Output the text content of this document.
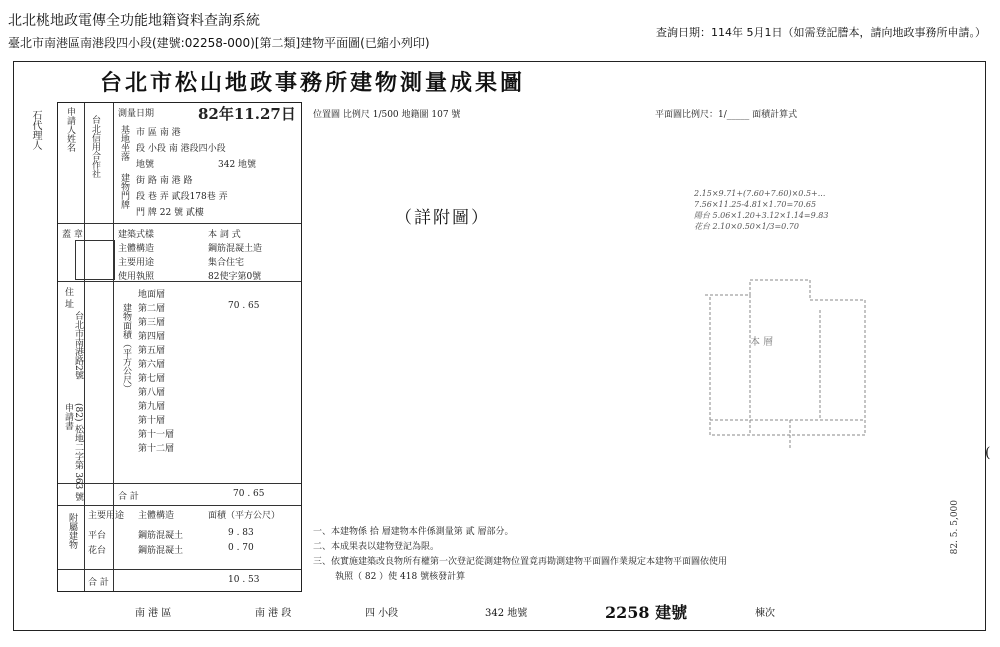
北北桃地政電傳全功能地籍資料查詢系統
臺北市南港區南港段四小段(建號:02258-000)[第二類]建物平面圖(已縮小列印)
查詢日期：114年 5月1日（如需登記謄本，請向地政事務所申請。）
台北市松山地政事務所建物測量成果圖
石代理人	申請人姓名 台北信用合作社
測量日期	82年11.27日
基地坐落 市 區 南 港
段 小段 南 港段四小段
地號	342 地號
建物門牌 街 路 南 港 路
段 巷 弄 貳段178巷 弄
門 牌 22 號 貳樓
蓋 章	建築式樣	本 詞 式
主體構造	鋼筋混凝土造
主要用途	集合住宅
使用執照	82使字第0號
住 址
台北市南港路2號
申請書 (82) 松地二字第 363 號
建物面積（平方公尺）
地面層
第二層	70 . 65
第三層
第四層
第五層
第六層
第七層
第八層
第九層
第十層
第十一層
第十二層
合 計	70 . 65
附屬建物 主要用途 主體構造	面積（平方公尺）
平台	鋼筋混凝土	9 . 83
花台	鋼筋混凝土	0 . 70
合 計	10 . 53
位置圖 比例尺 1/500 地籍圖 107 號	平面圖比例尺：1/_____ 面積計算式
（詳附圖）
2.15×9.71+(7.60+7.60)×0.5+...
7.56×11.25-4.81×1.70=70.65
陽台 5.06×1.20+3.12×1.14=9.83
花台 2.10×0.50×1/3=0.70
本 層
一、本建物係 拾 層建物本件係測量第 貳 層部分。
二、本成果表以建物登記為限。
三、依實施建築改良物所有權第一次登記從測建物位置竟再勘測建物平面圖作業規定本建物平面圖依使用
執照（ 82 ）使 418 號核發計算
南 港 區	南 港 段	四 小段	342 地號	2258 建號	棟次
82. 5. 5,000
(
